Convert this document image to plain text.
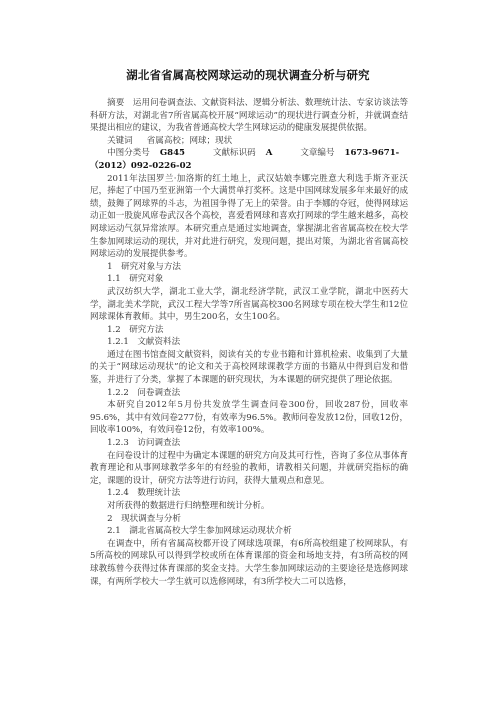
湖北省省属高校网球运动的现状调查分析与研究

摘要　运用问卷调查法、文献资料法、逻辑分析法、数理统计法、专家访谈法等科研方法，对湖北省7所省属高校开展“网球运动”的现状进行调查分析，并就调查结果提出相应的建议，为我省普通高校大学生网球运动的健康发展提供依据。

关键词 省属高校；网球；现状

中图分类号 G845	文献标识码 A	文章编号 1673-9671-

（2012）092-0226-02

2011年法国罗兰·加洛斯的红土地上，武汉姑娘李娜完胜意大利选手斯齐亚沃尼，捧起了中国乃至亚洲第一个大满贯单打奖杯。这是中国网球发展多年来最好的成绩，鼓舞了网球界的斗志，为祖国争得了无上的荣誉。由于李娜的夺冠，使得网球运动正如一股旋风席卷武汉各个高校，喜爱看网球和喜欢打网球的学生越来越多，高校网球运动气氛异常浓厚。本研究重点是通过实地调查，掌握湖北省省属高校在校大学生参加网球运动的现状，并对此进行研究，发现问题，提出对策，为湖北省省属高校网球运动的发展提供参考。

1　研究对象与方法

1.1　研究对象

武汉纺织大学，湖北工业大学，湖北经济学院，武汉工业学院，湖北中医药大学，湖北美术学院，武汉工程大学等7所省属高校300名网球专项在校大学生和12位网球课体育教师。其中，男生200名，女生100名。

1.2　研究方法

1.2.1　文献资料法

通过在图书馆查阅文献资料，阅读有关的专业书籍和计算机检索、收集到了大量的关于“网球运动现状”的论文和关于高校网球课教学方面的书籍从中得到启发和借鉴，并进行了分类，掌握了本课题的研究现状，为本课题的研究提供了理论依据。

1.2.2　问卷调查法

本研究自2012年5月份共发放学生调查问卷300份，回收287份，回收率95.6%，其中有效问卷277份，有效率为96.5%。教师问卷发放12份，回收12份，回收率100%，有效问卷12份，有效率100%。

1.2.3　访问调查法

在问卷设计的过程中为确定本课题的研究方向及其可行性，咨询了多位从事体育教育理论和从事网球教学多年的有经验的教师，请教相关问题，并就研究指标的确定，课题的设计，研究方法等进行访问，获得大量观点和意见。

1.2.4　数理统计法

对所获得的数据进行归纳整理和统计分析。

2　现状调查与分析

2.1　湖北省属高校大学生参加网球运动现状介析

在调查中，所有省属高校都开设了网球选项课，有6所高校组建了校网球队，有5所高校的网球队可以得到学校或所在体育课部的资金和场地支持，有3所高校的网球教练曾今获得过体育课部的奖金支持。大学生参加网球运动的主要途径是选修网球课，有两所学校大一学生就可以选修网球，有3所学校大二可以选修，
